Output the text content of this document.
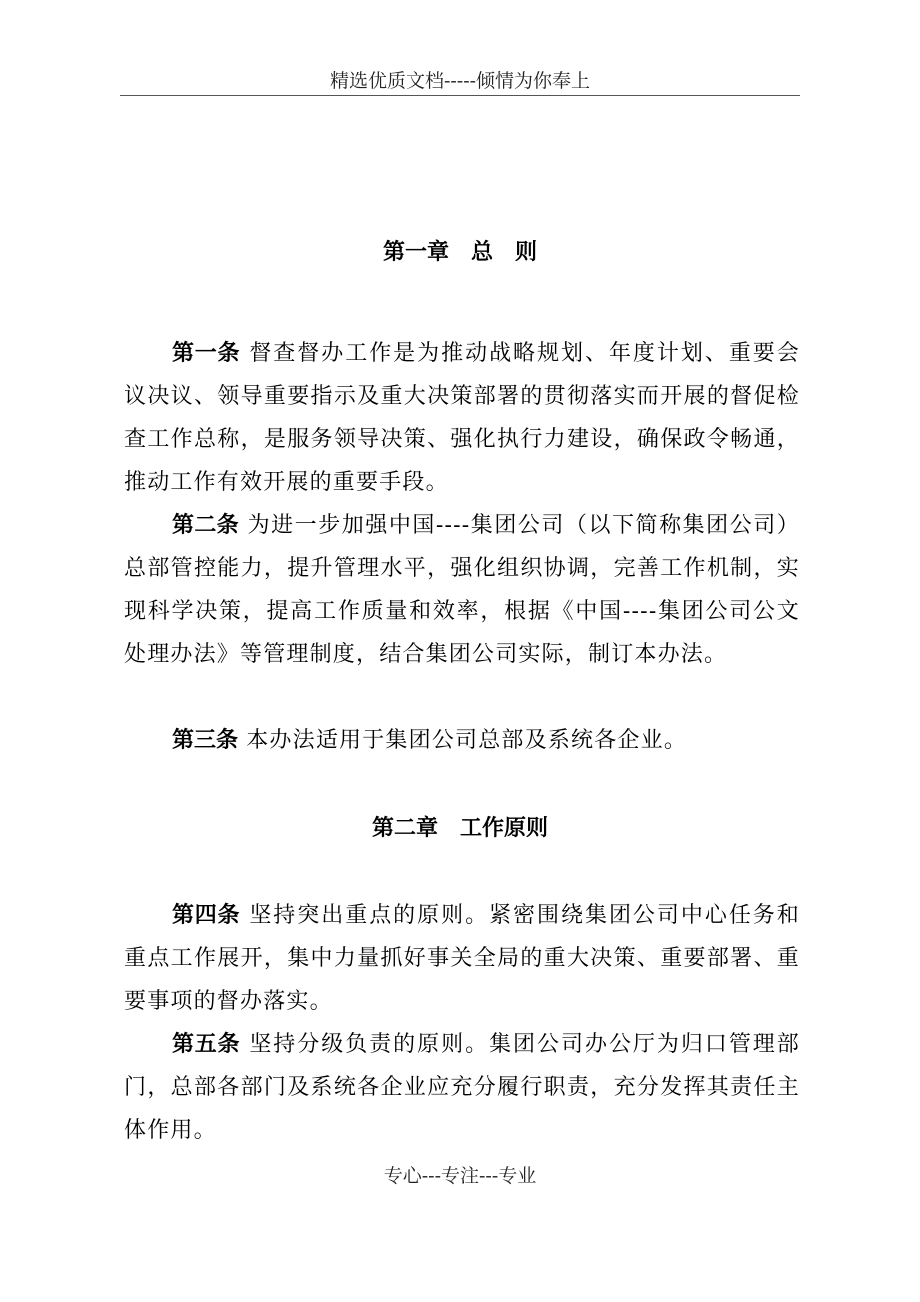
精选优质文档-----倾情为你奉上
第一章　总　则

第一条 督查督办工作是为推动战略规划、年度计划、重要会议决议、领导重要指示及重大决策部署的贯彻落实而开展的督促检查工作总称，是服务领导决策、强化执行力建设，确保政令畅通，推动工作有效开展的重要手段。

第二条 为进一步加强中国----集团公司（以下简称集团公司）总部管控能力，提升管理水平，强化组织协调，完善工作机制，实现科学决策，提高工作质量和效率，根据《中国----集团公司公文处理办法》等管理制度，结合集团公司实际，制订本办法。

第三条 本办法适用于集团公司总部及系统各企业。

第二章　工作原则

第四条 坚持突出重点的原则。紧密围绕集团公司中心任务和重点工作展开，集中力量抓好事关全局的重大决策、重要部署、重要事项的督办落实。

第五条 坚持分级负责的原则。集团公司办公厅为归口管理部门，总部各部门及系统各企业应充分履行职责，充分发挥其责任主体作用。

专心---专注---专业
